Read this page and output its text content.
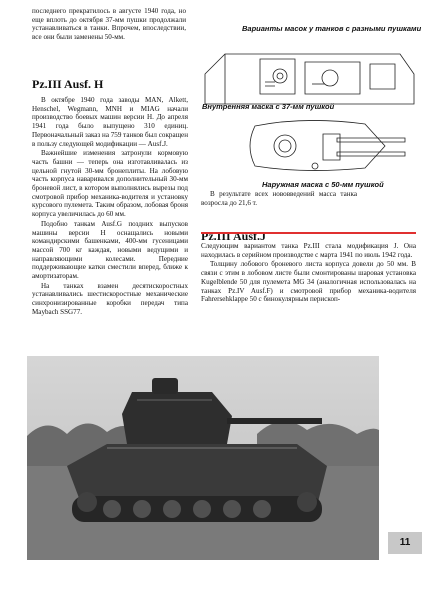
последнего прекратилось в августе 1940 года, но еще вплоть до октября 37-мм пушки продолжали устанавливаться в танки. Впрочем, впоследствии, все они были заменены 50-мм.

Pz.III Ausf. H

В октябре 1940 года заводы MAN, Alkett, Henschel, Wegmann, MNH и MIAG начали производство боевых машин версии H. До апреля 1941 года было выпущено 310 единиц. Первоначальный заказ на 759 танков был сокращен в пользу следующей модификации — Ausf.J.

Важнейшие изменения затронули кормовую часть башни — теперь она изготавливалась из цельной гнутой 30-мм бронеплиты. На лобовую часть корпуса наваривался дополнительный 30-мм броневой лист, в котором выполнялись вырезы под смотровой прибор механика-водителя и установку курсового пулемета. Таким образом, лобовая броня корпуса увеличилась до 60 мм.

Подобно танкам Ausf.G поздних выпусков машины версии H оснащались новыми командирскими башенками, 400-мм гусеницами массой 700 кг каждая, новыми ведущими и направляющими колесами. Передние поддерживающие катки сместили вперед, ближе к амортизаторам.

На танках взамен десятискоростных устанавливались шестискоростные механические синхронизированные коробки передач типа Maybach SSG77.

Варианты масок у танков с разными пушками
Внутренняя маска с 37-мм пушкой
Наружная маска с 50-мм пушкой

В результате всех нововведений масса танка возросла до 21,6 т.

Pz.III Ausf.J

Следующим вариантом танка Pz.III стала модификация J. Она находилась в серийном производстве с марта 1941 по июль 1942 года.

Толщину лобового броневого листа корпуса довели до 50 мм. В связи с этим в лобовом листе были смонтированы шаровая установка Kugelblende 50 для пулемета MG 34 (аналогичная использовалась на танках Pz.IV Ausf.F) и смотровой прибор механика-водителя Fahrersehklappe 50 с бинокулярным перископ-

11
